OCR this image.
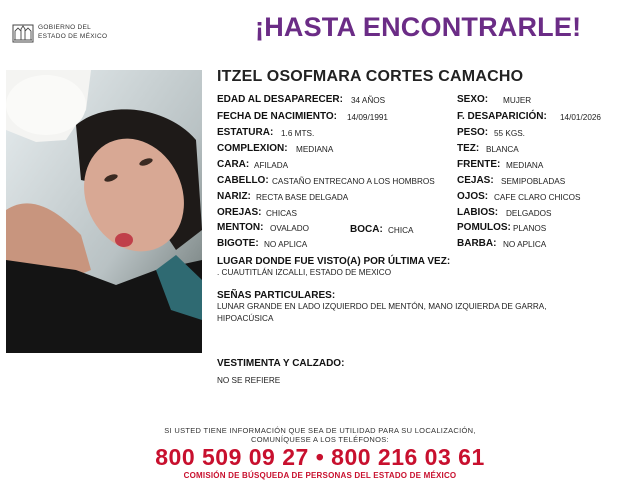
GOBIERNO DEL
ESTADO DE MÉXICO	¡HASTA ENCONTRARLE!
ITZEL OSOFMARA CORTES CAMACHO
EDAD AL DESAPARECER: 34 AÑOS	SEXO: MUJER
FECHA DE NACIMIENTO: 14/09/1991	F. DESAPARICIÓN: 14/01/2026
ESTATURA: 1.6 MTS.	PESO: 55 KGS.
COMPLEXION: MEDIANA	TEZ: BLANCA
CARA: AFILADA	FRENTE: MEDIANA
CABELLO: CASTAÑO ENTRECANO A LOS HOMBROS CEJAS: SEMIPOBLADAS
NARIZ: RECTA BASE DELGADA	OJOS: CAFE CLARO CHICOS
OREJAS: CHICAS	LABIOS: DELGADOS
MENTON: OVALADO	BOCA: CHICA	POMULOS: PLANOS
BIGOTE: NO APLICA	BARBA: NO APLICA
LUGAR DONDE FUE VISTO(A) POR ÚLTIMA VEZ:
. CUAUTITLÁN IZCALLI, ESTADO DE MEXICO
SEÑAS PARTICULARES:
LUNAR GRANDE EN LADO IZQUIERDO DEL MENTÓN, MANO IZQUIERDA DE GARRA,
HIPOACÚSICA
VESTIMENTA Y CALZADO:
NO SE REFIERE
SI USTED TIENE INFORMACIÓN QUE SEA DE UTILIDAD PARA SU LOCALIZACIÓN,
COMUNÍQUESE A LOS TELÉFONOS:
800 509 09 27 • 800 216 03 61
COMISIÓN DE BÚSQUEDA DE PERSONAS DEL ESTADO DE MÉXICO
